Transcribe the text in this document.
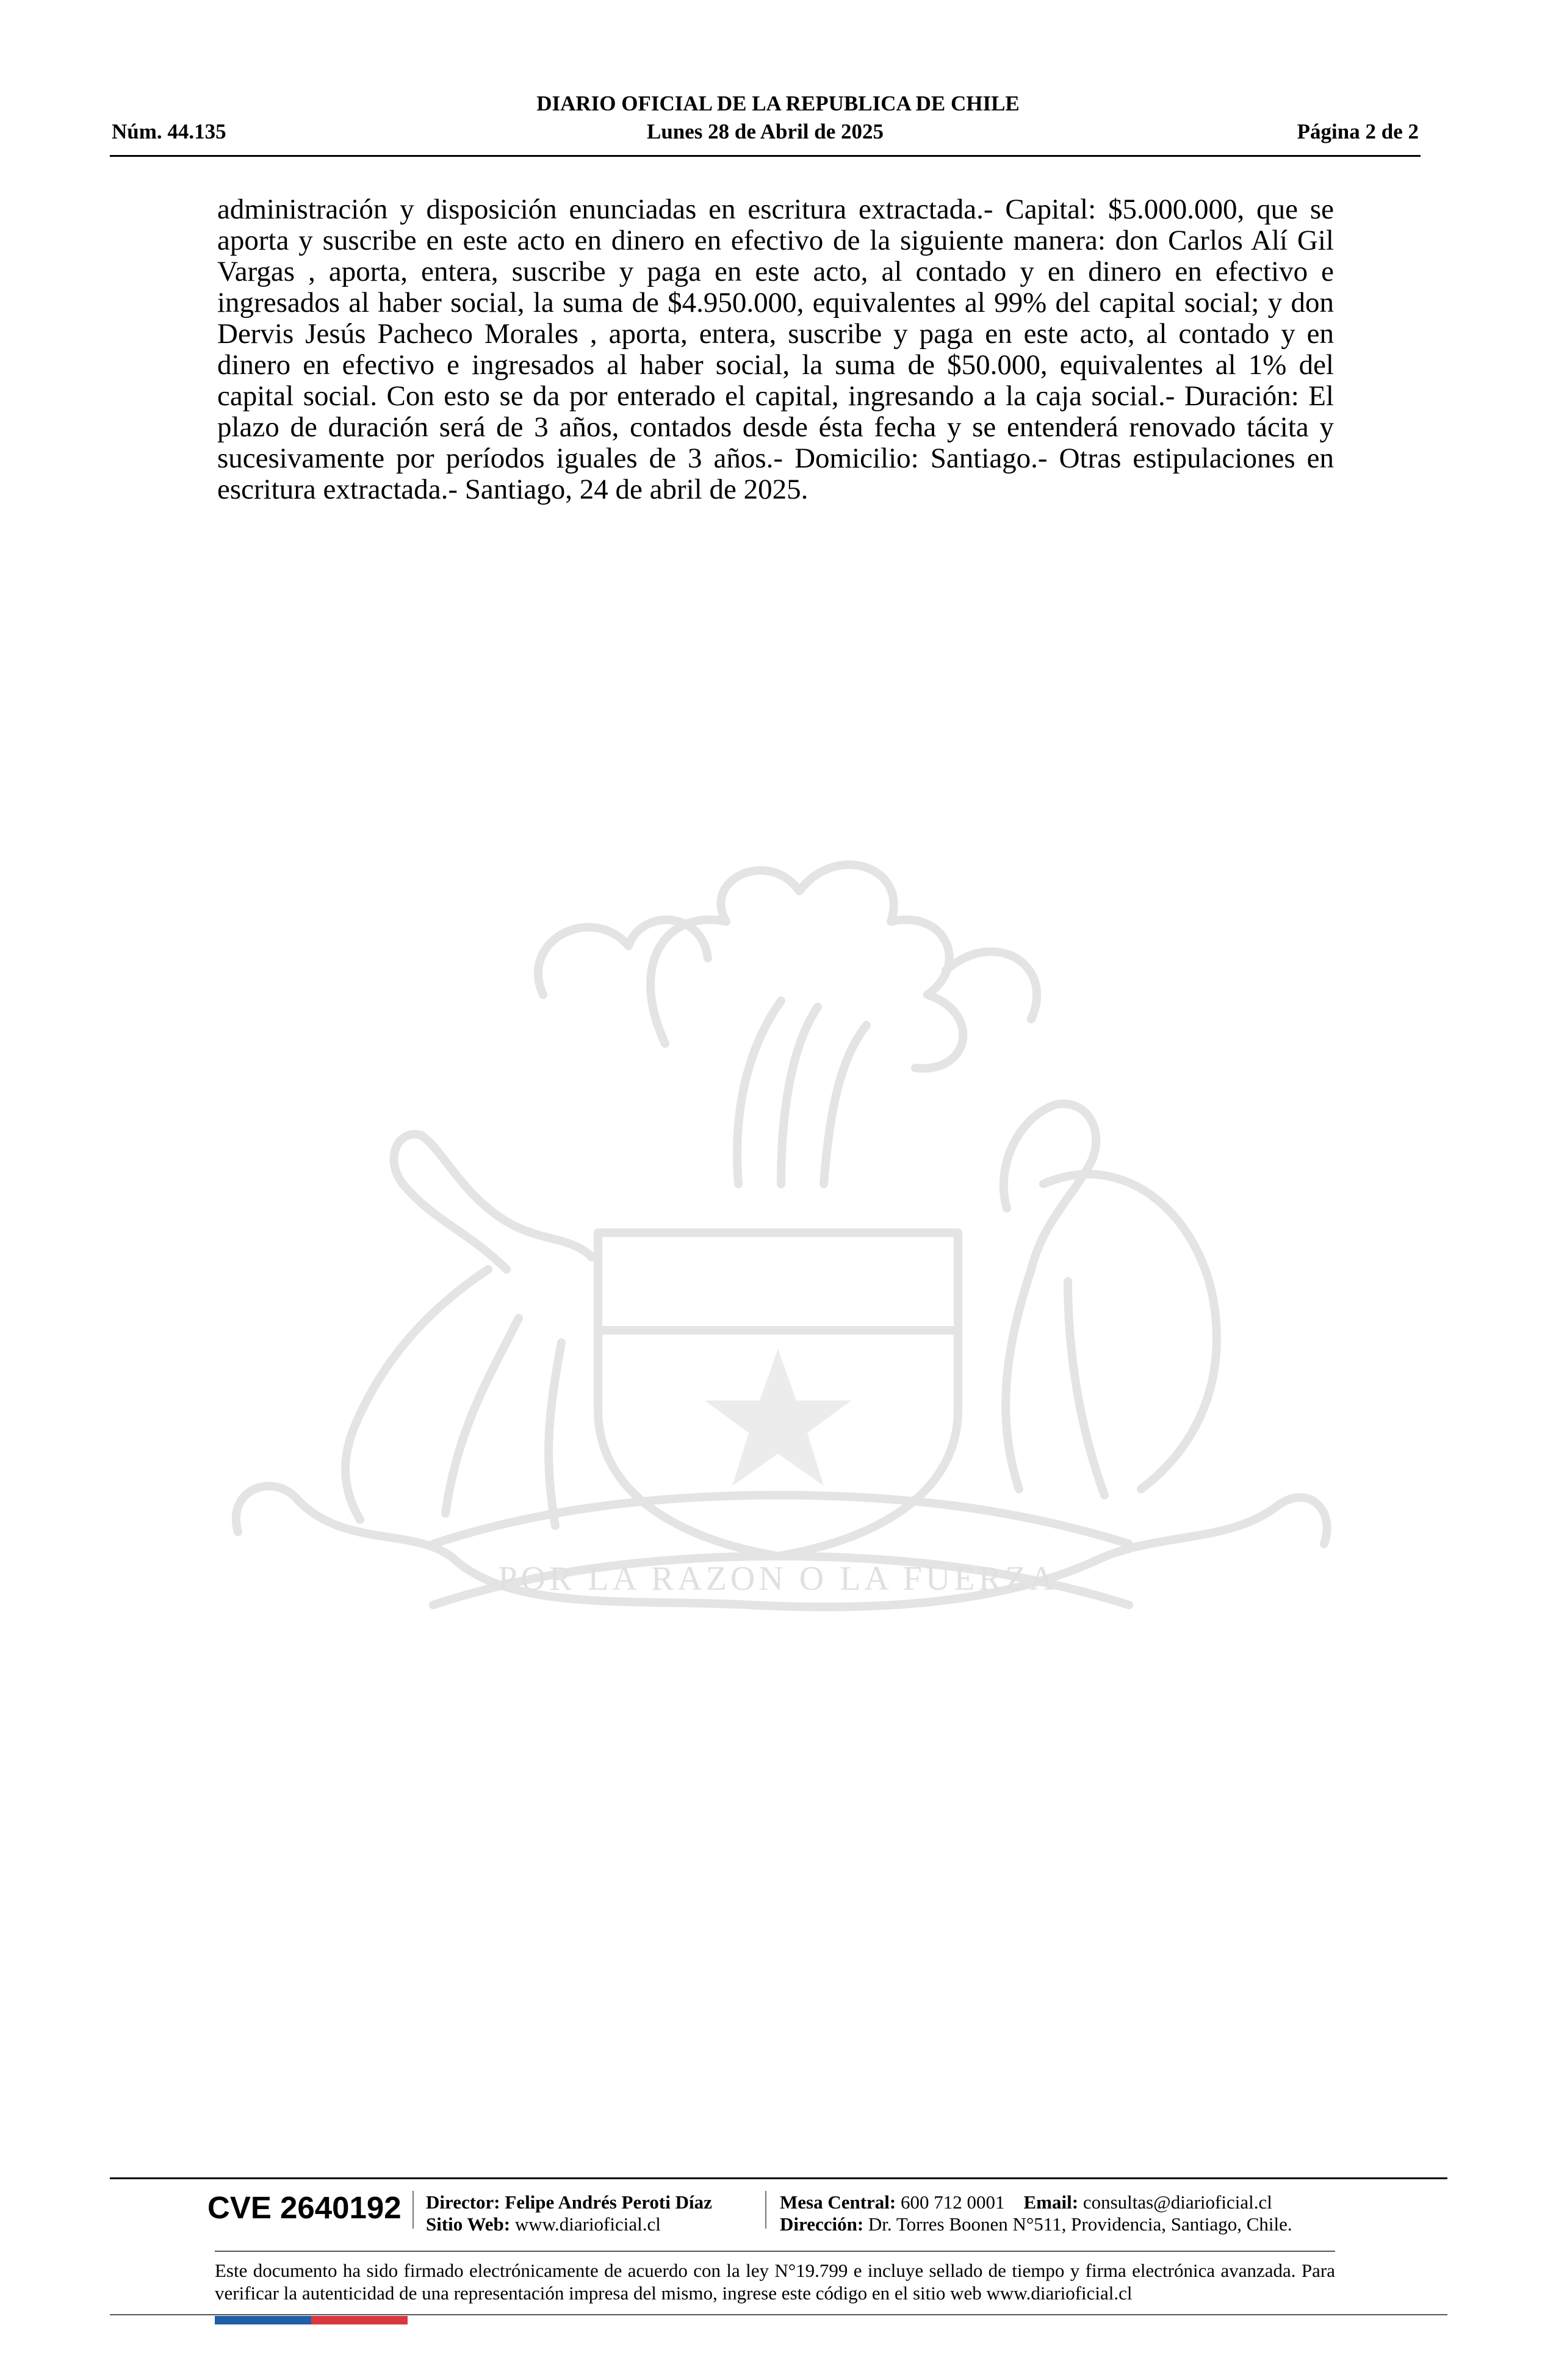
DIARIO OFICIAL DE LA REPUBLICA DE CHILE
Núm. 44.135	Lunes 28 de Abril de 2025	Página 2 de 2

administración y disposición enunciadas en escritura extractada.- Capital: $5.000.000, que se aporta y suscribe en este acto en dinero en efectivo de la siguiente manera: don Carlos Alí Gil Vargas , aporta, entera, suscribe y paga en este acto, al contado y en dinero en efectivo e ingresados al haber social, la suma de $4.950.000, equivalentes al 99% del capital social; y don Dervis Jesús Pacheco Morales , aporta, entera, suscribe y paga en este acto, al contado y en dinero en efectivo e ingresados al haber social, la suma de $50.000, equivalentes al 1% del capital social. Con esto se da por enterado el capital, ingresando a la caja social.- Duración: El plazo de duración será de 3 años, contados desde ésta fecha y se entenderá renovado tácita y sucesivamente por períodos iguales de 3 años.- Domicilio: Santiago.- Otras estipulaciones en escritura extractada.- Santiago, 24 de abril de 2025.

POR LA RAZON O LA FUERZA
CVE 2640192 Director: Felipe Andrés Peroti Díaz
Sitio Web: www.diarioficial.cl
Mesa Central: 600 712 0001 Email: consultas@diarioficial.cl
Dirección: Dr. Torres Boonen N°511, Providencia, Santiago, Chile.

Este documento ha sido firmado electrónicamente de acuerdo con la ley N°19.799 e incluye sellado de tiempo y firma electrónica avanzada. Para verificar la autenticidad de una representación impresa del mismo, ingrese este código en el sitio web www.diarioficial.cl
